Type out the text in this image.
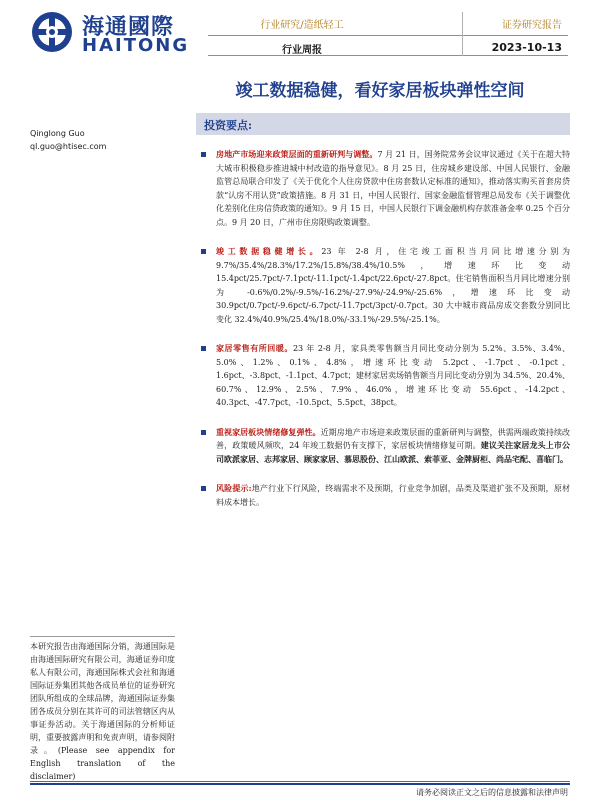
海通國際
HAITONG
行业研究/造纸轻工
行业周报
证券研究报告
2023-10-13
竣工数据稳健，看好家居板块弹性空间
Qinglong Guo
ql.guo@htisec.com
投资要点:
房地产市场迎来政策层面的重新研判与调整。7 月 21 日，国务院常务会议审议通过《关于在超大特大城市积极稳步推进城中村改造的指导意见》。8 月 25 日，住房城乡建设部、中国人民银行、金融监管总局联合印发了《关于优化个人住房贷款中住房套数认定标准的通知》，推动落实购买首套房贷款“认房不用认贷”政策措施。8 月 31 日，中国人民银行、国家金融监督管理总局发布《关于调整优化差别化住房信贷政策的通知》。9 月 15 日，中国人民银行下调金融机构存款准备金率 0.25 个百分点。9 月 20 日，广州市住房限购政策调整。
竣工数据稳健增长。23 年 2-8 月，住宅竣工面积当月同比增速分别为 9.7%/35.4%/28.3%/17.2%/15.8%/38.4%/10.5%，增速环比变动 15.4pct/25.7pct/-7.1pct/-11.1pct/-1.4pct/22.6pct/-27.8pct。住宅销售面积当月同比增速分别为 -0.6%/0.2%/-9.5%/-16.2%/-27.9%/-24.9%/-25.6%，增速环比变动 30.9pct/0.7pct/-9.6pct/-6.7pct/-11.7pct/3pct/-0.7pct。30 大中城市商品房成交套数分别同比变化 32.4%/40.9%/25.4%/18.0%/-33.1%/-29.5%/-25.1%。
家居零售有所回暖。23 年 2-8 月，家具类零售额当月同比变动分别为 5.2%、3.5%、3.4%、5.0%、1.2%、0.1%、4.8%，增速环比变动 5.2pct、-1.7pct、-0.1pct、1.6pct、-3.8pct、-1.1pct、4.7pct；建材家居卖场销售额当月同比变动分别为 34.5%、20.4%、60.7%、12.9%、2.5%、7.9%、46.0%，增速环比变动 55.6pct、-14.2pct、40.3pct、-47.7pct、-10.5pct、5.5pct、38pct。
重视家居板块情绪修复弹性。近期房地产市场迎来政策层面的重新研判与调整，供需两端政策持续改善，政策暖风频吹，24 年竣工数据仍有支撑下，家居板块情绪修复可期。建议关注家居龙头上市公司欧派家居、志邦家居、顾家家居、慕思股份、江山欧派、索菲亚、金牌厨柜、尚品宅配、喜临门。
风险提示:地产行业下行风险，终端需求不及预期，行业竞争加剧，品类及渠道扩张不及预期，原材料成本增长。
本研究报告由海通国际分销，海通国际是由海通国际研究有限公司，海通证券印度私人有限公司，海通国际株式会社和海通国际证券集团其他各成员单位的证券研究团队所组成的全球品牌，海通国际证券集团各成员分别在其许可的司法管辖区内从事证券活动。关于海通国际的分析师证明，重要披露声明和免责声明，请参阅附录。(Please see appendix for English translation of the disclaimer)
请务必阅读正文之后的信息披露和法律声明
